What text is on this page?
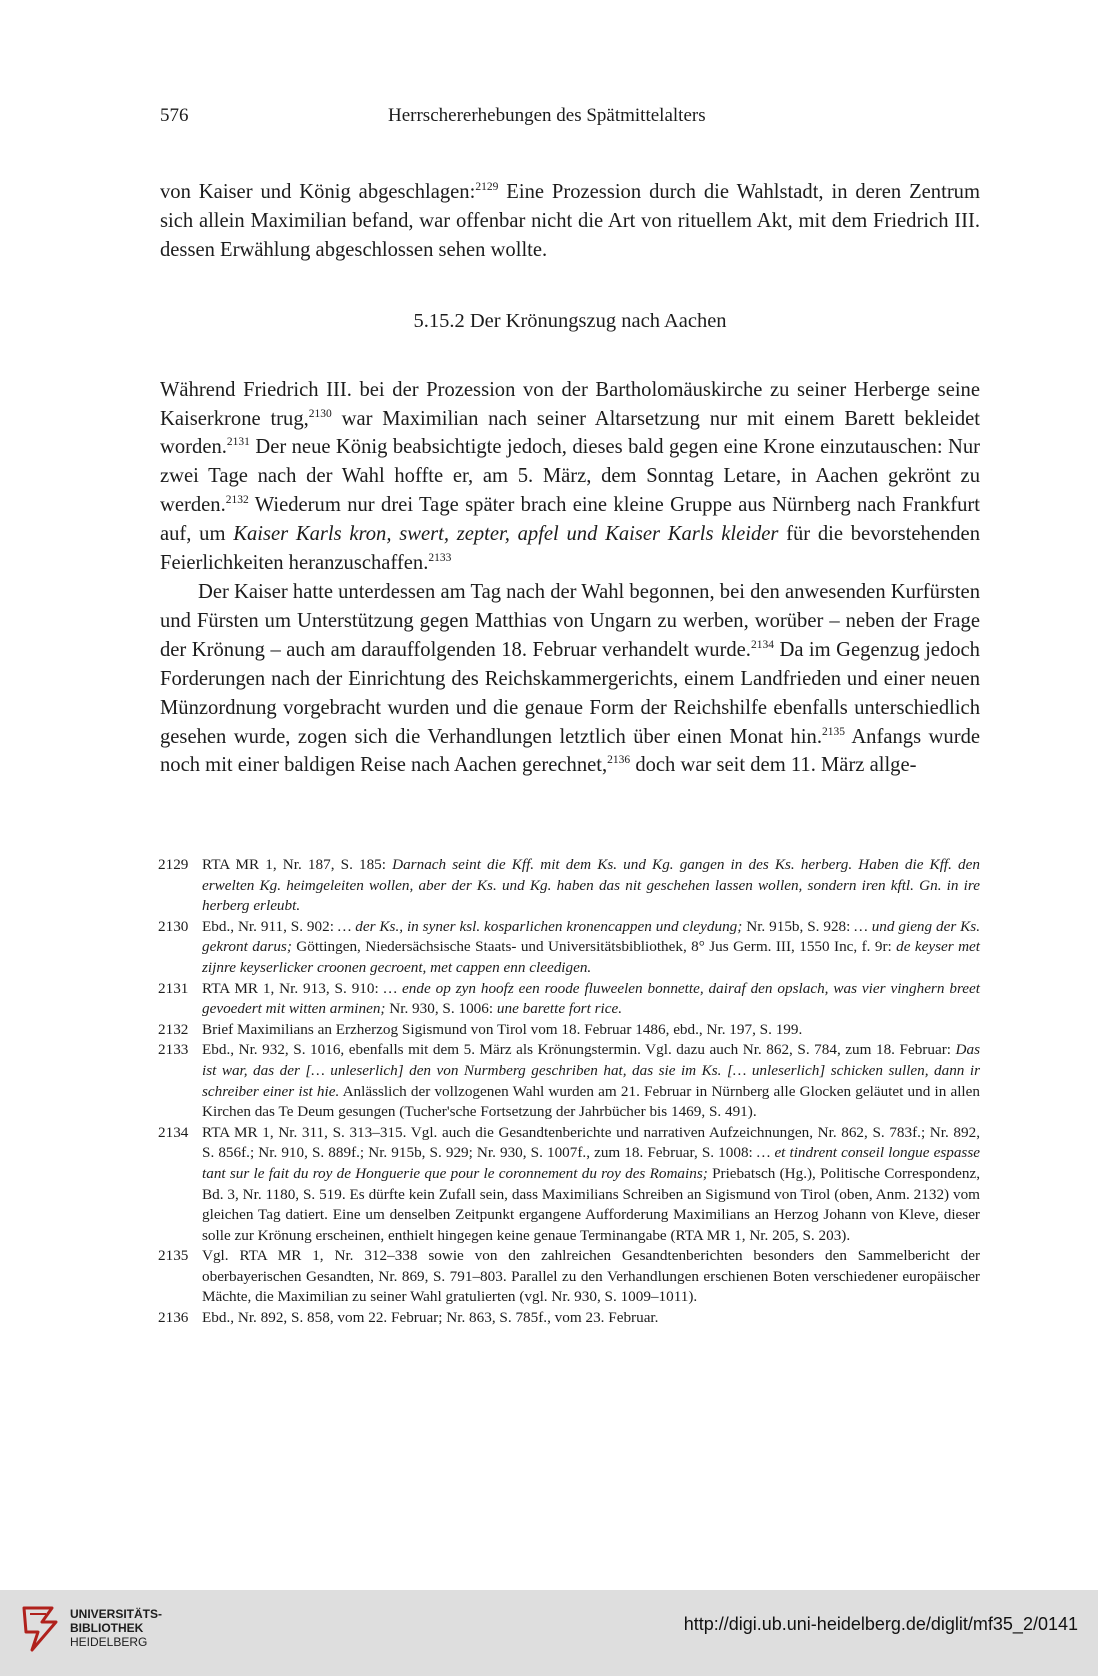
576	Herrschererhebungen des Spätmittelalters

von Kaiser und König abgeschlagen:$^{2129}$ Eine Prozession durch die Wahlstadt, in deren Zentrum sich allein Maximilian befand, war offenbar nicht die Art von rituellem Akt, mit dem Friedrich III. dessen Erwählung abgeschlossen sehen wollte.

5.15.2 Der Krönungszug nach Aachen

Während Friedrich III. bei der Prozession von der Bartholomäuskirche zu seiner Herberge seine Kaiserkrone trug,$^{2130}$ war Maximilian nach seiner Altarsetzung nur mit einem Barett bekleidet worden.$^{2131}$ Der neue König beabsichtigte jedoch, dieses bald gegen eine Krone einzutauschen: Nur zwei Tage nach der Wahl hoffte er, am 5. März, dem Sonntag Letare, in Aachen gekrönt zu werden.$^{2132}$ Wiederum nur drei Tage später brach eine kleine Gruppe aus Nürnberg nach Frankfurt auf, um Kaiser Karls kron, swert, zepter, apfel und Kaiser Karls kleider für die bevorstehenden Feierlichkeiten heranzuschaffen.$^{2133}$

Der Kaiser hatte unterdessen am Tag nach der Wahl begonnen, bei den anwesenden Kurfürsten und Fürsten um Unterstützung gegen Matthias von Ungarn zu werben, worüber – neben der Frage der Krönung – auch am darauffolgenden 18. Februar verhandelt wurde.$^{2134}$ Da im Gegenzug jedoch Forderungen nach der Einrichtung des Reichskammergerichts, einem Landfrieden und einer neuen Münzordnung vorgebracht wurden und die genaue Form der Reichshilfe ebenfalls unterschiedlich gesehen wurde, zogen sich die Verhandlungen letztlich über einen Monat hin.$^{2135}$ Anfangs wurde noch mit einer baldigen Reise nach Aachen gerechnet,$^{2136}$ doch war seit dem 11. März allge-

2129 RTA MR 1, Nr. 187, S. 185: Darnach seint die Kff. mit dem Ks. und Kg. gangen in des Ks. herberg. Haben die Kff. den erwelten Kg. heimgeleiten wollen, aber der Ks. und Kg. haben das nit geschehen lassen wollen, sondern iren kftl. Gn. in ire herberg erleubt.
2130 Ebd., Nr. 911, S. 902: … der Ks., in syner ksl. kosparlichen kronencappen und cleydung; Nr. 915b, S. 928: … und gieng der Ks. gekront darus; Göttingen, Niedersächsische Staats- und Universitätsbibliothek, 8° Jus Germ. III, 1550 Inc, f. 9r: de keyser met zijnre keyserlicker croonen gecroent, met cappen enn cleedigen.
2131 RTA MR 1, Nr. 913, S. 910: … ende op zyn hoofz een roode fluweelen bonnette, dairaf den opslach, was vier vinghern breet gevoedert mit witten arminen; Nr. 930, S. 1006: une barette fort rice.
2132 Brief Maximilians an Erzherzog Sigismund von Tirol vom 18. Februar 1486, ebd., Nr. 197, S. 199.
2133 Ebd., Nr. 932, S. 1016, ebenfalls mit dem 5. März als Krönungstermin. Vgl. dazu auch Nr. 862, S. 784, zum 18. Februar: Das ist war, das der [… unleserlich] den von Nurmberg geschriben hat, das sie im Ks. [… unleserlich] schicken sullen, dann ir schreiber einer ist hie. Anlässlich der vollzogenen Wahl wurden am 21. Februar in Nürnberg alle Glocken geläutet und in allen Kirchen das Te Deum gesungen (Tucher'sche Fortsetzung der Jahrbücher bis 1469, S. 491).
2134 RTA MR 1, Nr. 311, S. 313–315. Vgl. auch die Gesandtenberichte und narrativen Aufzeichnungen, Nr. 862, S. 783f.; Nr. 892, S. 856f.; Nr. 910, S. 889f.; Nr. 915b, S. 929; Nr. 930, S. 1007f., zum 18. Februar, S. 1008: … et tindrent conseil longue espasse tant sur le fait du roy de Honguerie que pour le coronnement du roy des Romains; Priebatsch (Hg.), Politische Correspondenz, Bd. 3, Nr. 1180, S. 519. Es dürfte kein Zufall sein, dass Maximilians Schreiben an Sigismund von Tirol (oben, Anm. 2132) vom gleichen Tag datiert. Eine um denselben Zeitpunkt ergangene Aufforderung Maximilians an Herzog Johann von Kleve, dieser solle zur Krönung erscheinen, enthielt hingegen keine genaue Terminangabe (RTA MR 1, Nr. 205, S. 203).
2135 Vgl. RTA MR 1, Nr. 312–338 sowie von den zahlreichen Gesandtenberichten besonders den Sammelbericht der oberbayerischen Gesandten, Nr. 869, S. 791–803. Parallel zu den Verhandlungen erschienen Boten verschiedener europäischer Mächte, die Maximilian zu seiner Wahl gratulierten (vgl. Nr. 930, S. 1009–1011).
2136 Ebd., Nr. 892, S. 858, vom 22. Februar; Nr. 863, S. 785f., vom 23. Februar.
UNIVERSITÄTS-
BIBLIOTHEK
HEIDELBERG
http://digi.ub.uni-heidelberg.de/diglit/mf35_2/0141
